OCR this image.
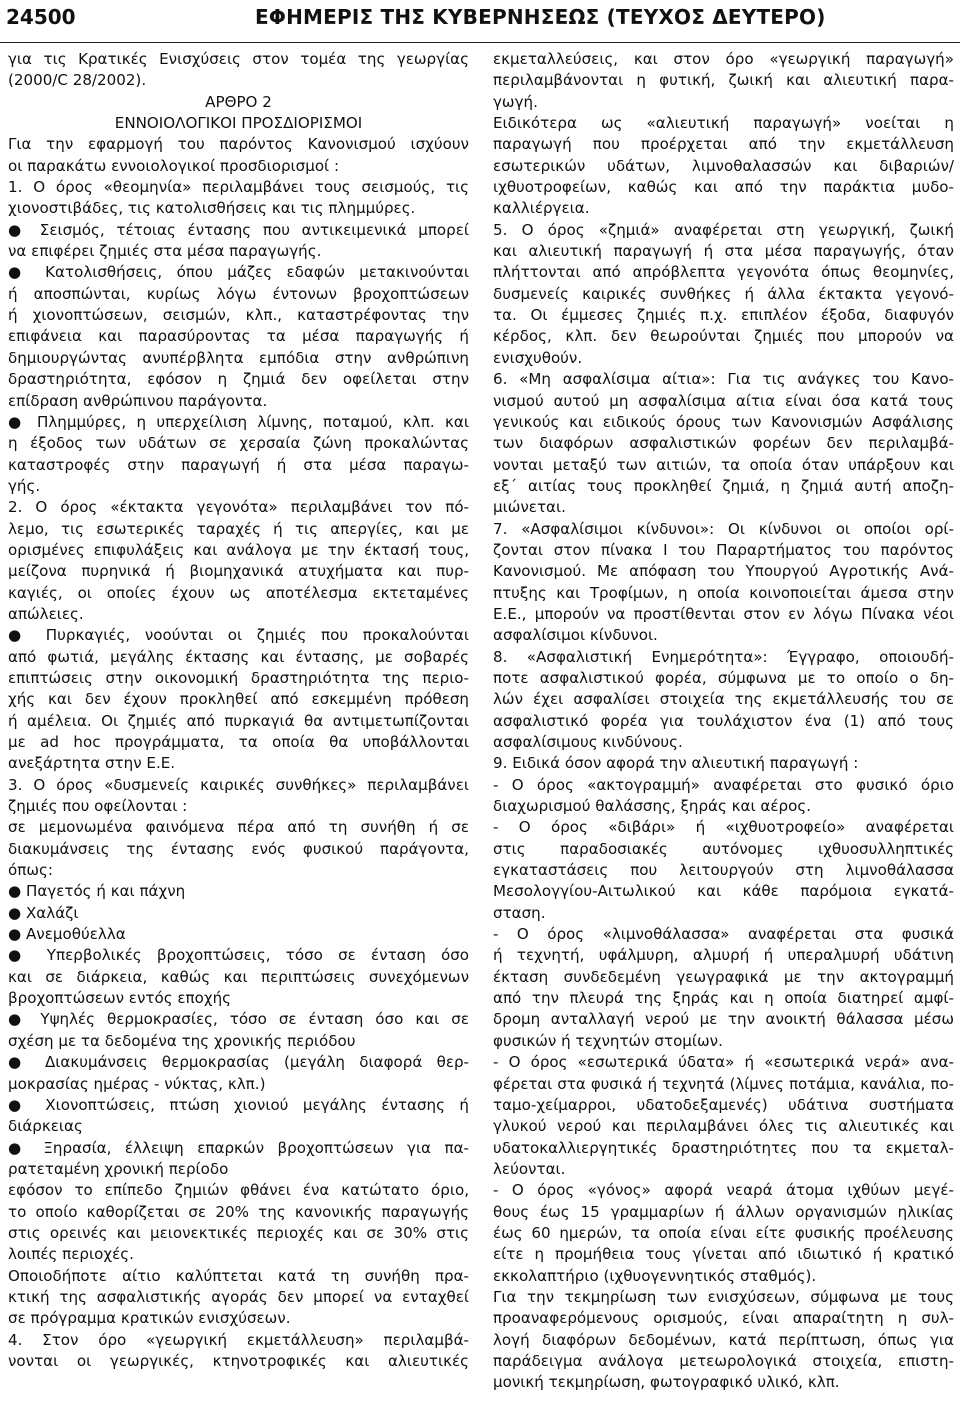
24500	ΕΦΗΜΕΡΙΣ ΤΗΣ ΚΥΒΕΡΝΗΣΕΩΣ (ΤΕΥΧΟΣ ΔΕΥΤΕΡΟ)
για τις Κρατικές Ενισχύσεις στον τομέα της γεωργίας
(2000/C 28/2002).
ΑΡΘΡΟ 2
ΕΝΝΟΙΟΛΟΓΙΚΟΙ ΠΡΟΣΔΙΟΡΙΣΜΟΙ
Για την εφαρμογή του παρόντος Κανονισμού ισχύουν
οι παρακάτω εννοιολογικοί προσδιορισμοί :
1. Ο όρος «θεομηνία» περιλαμβάνει τους σεισμούς, τις
χιονοστιβάδες, τις κατολισθήσεις και τις πλημμύρες.
● Σεισμός, τέτοιας έντασης που αντικειμενικά μπορεί
να επιφέρει ζημιές στα μέσα παραγωγής.
● Κατολισθήσεις, όπου μάζες εδαφών μετακινούνται
ή αποσπώνται, κυρίως λόγω έντονων βροχοπτώσεων
ή χιονοπτώσεων, σεισμών, κλπ., καταστρέφοντας την
επιφάνεια και παρασύροντας τα μέσα παραγωγής ή
δημιουργώντας ανυπέρβλητα εμπόδια στην ανθρώπινη
δραστηριότητα, εφόσον η ζημιά δεν οφείλεται στην
επίδραση ανθρώπινου παράγοντα.
● Πλημμύρες, η υπερχείλιση λίμνης, ποταμού, κλπ. και
η έξοδος των υδάτων σε χερσαία ζώνη προκαλώντας
καταστροφές στην παραγωγή ή στα μέσα παραγω-
γής.
2. Ο όρος «έκτακτα γεγονότα» περιλαμβάνει τον πό-
λεμο, τις εσωτερικές ταραχές ή τις απεργίες, και με
ορισμένες επιφυλάξεις και ανάλογα με την έκτασή τους,
μείζονα πυρηνικά ή βιομηχανικά ατυχήματα και πυρ-
καγιές, οι οποίες έχουν ως αποτέλεσμα εκτεταμένες
απώλειες.
● Πυρκαγιές, νοούνται οι ζημιές που προκαλούνται
από φωτιά, μεγάλης έκτασης και έντασης, με σοβαρές
επιπτώσεις στην οικονομική δραστηριότητα της περιο-
χής και δεν έχουν προκληθεί από εσκεμμένη πρόθεση
ή αμέλεια. Οι ζημιές από πυρκαγιά θα αντιμετωπίζονται
με ad hoc προγράμματα, τα οποία θα υποβάλλονται
ανεξάρτητα στην Ε.Ε.
3. Ο όρος «δυσμενείς καιρικές συνθήκες» περιλαμβάνει
ζημιές που οφείλονται :
σε μεμονωμένα φαινόμενα πέρα από τη συνήθη ή σε
διακυμάνσεις της έντασης ενός φυσικού παράγοντα,
όπως:
● Παγετός ή και πάχνη
● Χαλάζι
● Ανεμοθύελλα
● Υπερβολικές βροχοπτώσεις, τόσο σε ένταση όσο
και σε διάρκεια, καθώς και περιπτώσεις συνεχόμενων
βροχοπτώσεων εντός εποχής
● Υψηλές θερμοκρασίες, τόσο σε ένταση όσο και σε
σχέση με τα δεδομένα της χρονικής περιόδου
● Διακυμάνσεις θερμοκρασίας (μεγάλη διαφορά θερ-
μοκρασίας ημέρας - νύκτας, κλπ.)
● Χιονοπτώσεις, πτώση χιονιού μεγάλης έντασης ή
διάρκειας
● Ξηρασία, έλλειψη επαρκών βροχοπτώσεων για πα-
ρατεταμένη χρονική περίοδο
εφόσον το επίπεδο ζημιών φθάνει ένα κατώτατο όριο,
το οποίο καθορίζεται σε 20% της κανονικής παραγωγής
στις ορεινές και μειονεκτικές περιοχές και σε 30% στις
λοιπές περιοχές.
Οποιοδήποτε αίτιο καλύπτεται κατά τη συνήθη πρα-
κτική της ασφαλιστικής αγοράς δεν μπορεί να ενταχθεί
σε πρόγραμμα κρατικών ενισχύσεων.
4. Στον όρο «γεωργική εκμετάλλευση» περιλαμβά-
νονται οι γεωργικές, κτηνοτροφικές και αλιευτικές
εκμεταλλεύσεις, και στον όρο «γεωργική παραγωγή»
περιλαμβάνονται η φυτική, ζωική και αλιευτική παρα-
γωγή.
Ειδικότερα ως «αλιευτική παραγωγή» νοείται η
παραγωγή που προέρχεται από την εκμετάλλευση
εσωτερικών υδάτων, λιμνοθαλασσών και διβαριών/
ιχθυοτροφείων, καθώς και από την παράκτια μυδο-
καλλιέργεια.
5. Ο όρος «ζημιά» αναφέρεται στη γεωργική, ζωική
και αλιευτική παραγωγή ή στα μέσα παραγωγής, όταν
πλήττονται από απρόβλεπτα γεγονότα όπως θεομηνίες,
δυσμενείς καιρικές συνθήκες ή άλλα έκτακτα γεγονό-
τα. Οι έμμεσες ζημιές π.χ. επιπλέον έξοδα, διαφυγόν
κέρδος, κλπ. δεν θεωρούνται ζημιές που μπορούν να
ενισχυθούν.
6. «Μη ασφαλίσιμα αίτια»: Για τις ανάγκες του Κανο-
νισμού αυτού μη ασφαλίσιμα αίτια είναι όσα κατά τους
γενικούς και ειδικούς όρους των Κανονισμών Ασφάλισης
των διαφόρων ασφαλιστικών φορέων δεν περιλαμβά-
νονται μεταξύ των αιτιών, τα οποία όταν υπάρξουν και
εξ΄ αιτίας τους προκληθεί ζημιά, η ζημιά αυτή αποζη-
μιώνεται.
7. «Ασφαλίσιμοι κίνδυνοι»: Οι κίνδυνοι οι οποίοι ορί-
ζονται στον πίνακα Ι του Παραρτήματος του παρόντος
Κανονισμού. Με απόφαση του Υπουργού Αγροτικής Ανά-
πτυξης και Τροφίμων, η οποία κοινοποιείται άμεσα στην
Ε.Ε., μπορούν να προστίθενται στον εν λόγω Πίνακα νέοι
ασφαλίσιμοι κίνδυνοι.
8. «Ασφαλιστική Ενημερότητα»: Έγγραφο, οποιουδή-
ποτε ασφαλιστικού φορέα, σύμφωνα με το οποίο ο δη-
λών έχει ασφαλίσει στοιχεία της εκμετάλλευσής του σε
ασφαλιστικό φορέα για τουλάχιστον ένα (1) από τους
ασφαλίσιμους κινδύνους.
9. Ειδικά όσον αφορά την αλιευτική παραγωγή :
- Ο όρος «ακτογραμμή» αναφέρεται στο φυσικό όριο
διαχωρισμού θαλάσσης, ξηράς και αέρος.
- Ο όρος «διβάρι» ή «ιχθυοτροφείο» αναφέρεται
στις παραδοσιακές αυτόνομες ιχθυοσυλληπτικές
εγκαταστάσεις που λειτουργούν στη λιμνοθάλασσα
Μεσολογγίου-Αιτωλικού και κάθε παρόμοια εγκατά-
σταση.
- Ο όρος «λιμνοθάλασσα» αναφέρεται στα φυσικά
ή τεχνητή, υφάλμυρη, αλμυρή ή υπεραλμυρή υδάτινη
έκταση συνδεδεμένη γεωγραφικά με την ακτογραμμή
από την πλευρά της ξηράς και η οποία διατηρεί αμφί-
δρομη ανταλλαγή νερού με την ανοικτή θάλασσα μέσω
φυσικών ή τεχνητών στομίων.
- Ο όρος «εσωτερικά ύδατα» ή «εσωτερικά νερά» ανα-
φέρεται στα φυσικά ή τεχνητά (λίμνες ποτάμια, κανάλια, πο-
ταμο-χείμαρροι, υδατοδεξαμενές) υδάτινα συστήματα
γλυκού νερού και περιλαμβάνει όλες τις αλιευτικές και
υδατοκαλλιεργητικές δραστηριότητες που τα εκμεταλ-
λεύονται.
- Ο όρος «γόνος» αφορά νεαρά άτομα ιχθύων μεγέ-
θους έως 15 γραμμαρίων ή άλλων οργανισμών ηλικίας
έως 60 ημερών, τα οποία είναι είτε φυσικής προέλευσης
είτε η προμήθεια τους γίνεται από ιδιωτικό ή κρατικό
εκκολαπτήριο (ιχθυογεννητικός σταθμός).
Για την τεκμηρίωση των ενισχύσεων, σύμφωνα με τους
προαναφερόμενους ορισμούς, είναι απαραίτητη η συλ-
λογή διαφόρων δεδομένων, κατά περίπτωση, όπως για
παράδειγμα ανάλογα μετεωρολογικά στοιχεία, επιστη-
μονική τεκμηρίωση, φωτογραφικό υλικό, κλπ.
